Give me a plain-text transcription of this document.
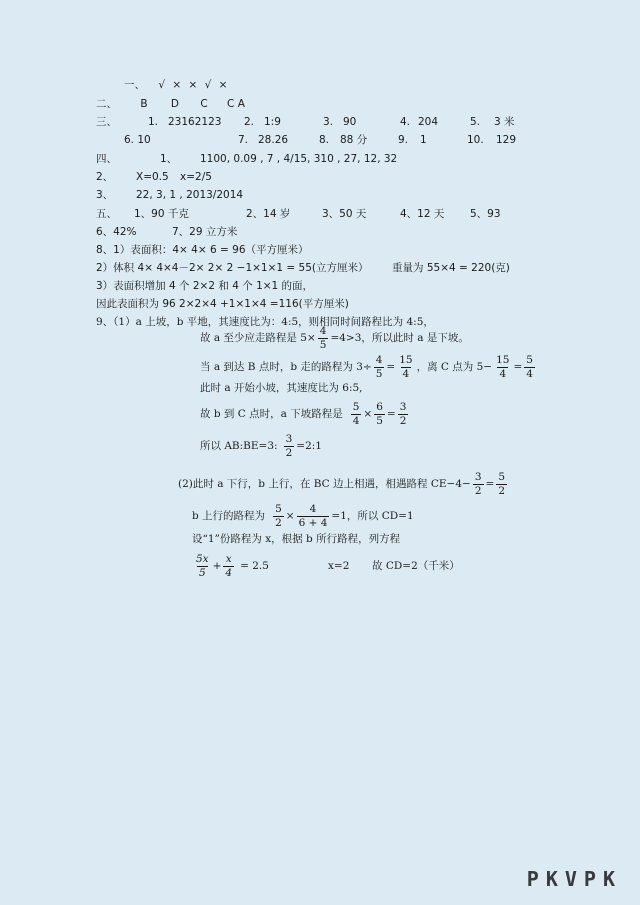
一、 √ × × √ ×
二、 B D C C A
三、	1. 23162123 2. 1:9	3. 90	4. 204	5. 3 米
6. 10	7. 28.26	8. 88 分	9. 1	10. 129
四、	1、 1100, 0.09 , 7 , 4/15, 310 , 27, 12, 32
2、 X=0.5 x=2/5
3、 22, 3, 1 , 2013/2014
五、 1、90 千克	2、14 岁	3、50 天	4、12 天 5、93
6、42%	7、29 立方米
8、1）表面积：4× 4× 6 = 96（平方厘米）
2）体积 4× 4×4－2× 2× 2 −1×1×1 = 55(立方厘米） 重量为 55×4 = 220(克)
3）表面积增加 4 个 2×2 和 4 个 1×1 的面，
因此表面积为 96 2×2×4 +1×1×4 =116(平方厘米)
9、（1）a 上坡，b 平地，其速度比为：4:5，则相同时间路程比为 4:5，
故 a 至少应走路程是 $5\times \frac{4}{5} =4>3$，所以此时 a 是下坡。
当 a 到达 B 点时，b 走的路程为 $3\div \frac{4}{5} = \frac{15}{4}$ ，离 C 点为 $5- \frac{15}{4} = \frac{5}{4}$
此时 a 开始小坡，其速度比为 6:5,
故 b 到 C 点时，a 下坡路程是 $\frac{5}{4} \times \frac{6}{5} = \frac{3}{2}$
所以 AB:BE=3: $\frac{3}{2}$ =2:1
(2)此时 a 下行，b 上行，在 BC 边上相遇，相遇路程 $CE-4- \frac{3}{2} = \frac{5}{2}$
b 上行的路程为 $\frac{5}{2} \times \frac{4}{6 + 4} =1$，所以 CD=1
设“1”份路程为 x，根据 b 所行路程，列方程
$\frac{5x}{5} + \frac{x}{4} = 2.5$	x=2 故 CD=2（千米）
PKVPK
